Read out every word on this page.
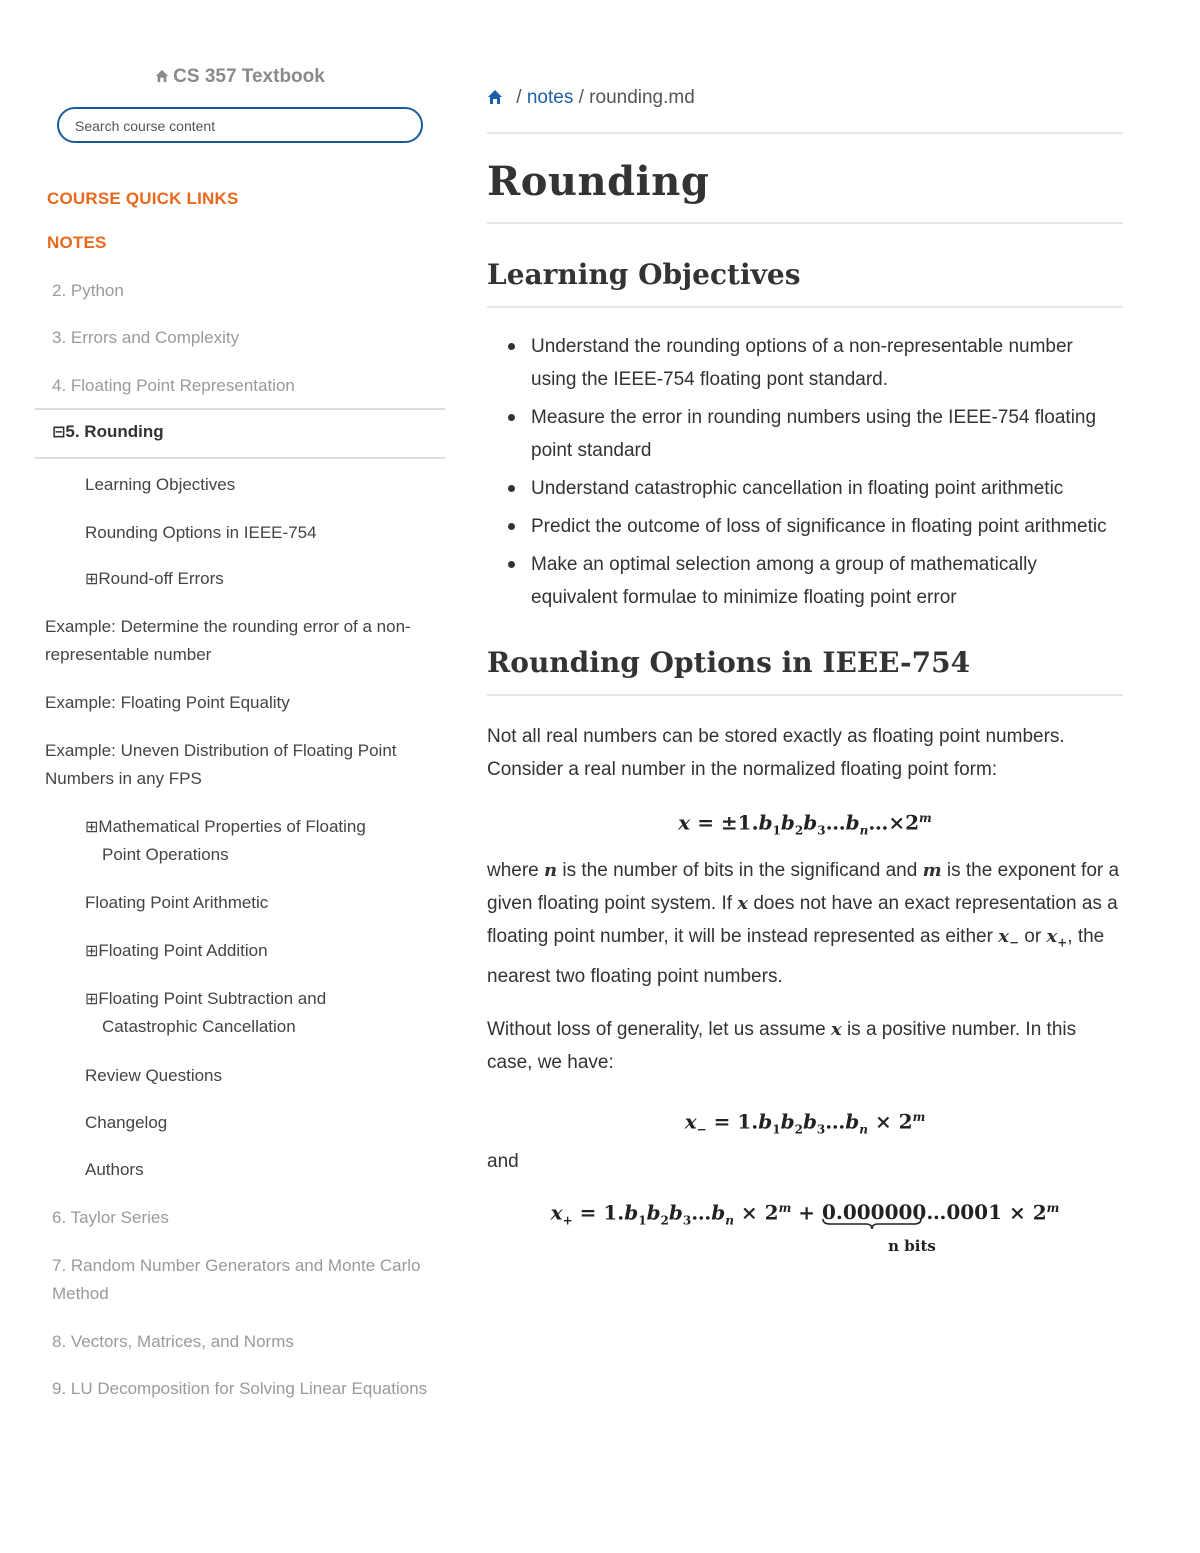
CS 357 Textbook
Search course content
COURSE QUICK LINKS
NOTES
2. Python
3. Errors and Complexity
4. Floating Point Representation
⊟5. Rounding
Learning Objectives
Rounding Options in IEEE-754
⊞Round-off Errors
Example: Determine the rounding error of a non-representable number
Example: Floating Point Equality
Example: Uneven Distribution of Floating Point Numbers in any FPS
⊞Mathematical Properties of Floating
Point Operations
Floating Point Arithmetic
⊞Floating Point Addition
⊞Floating Point Subtraction and
Catastrophic Cancellation
Review Questions
Changelog
Authors
6. Taylor Series
7. Random Number Generators and Monte Carlo Method
8. Vectors, Matrices, and Norms
9. LU Decomposition for Solving Linear Equations
/ notes / rounding.md
Rounding
Learning Objectives
Understand the rounding options of a non-representable number using the IEEE-754 floating pont standard.
Measure the error in rounding numbers using the IEEE-754 floating point standard
Understand catastrophic cancellation in floating point arithmetic
Predict the outcome of loss of significance in floating point arithmetic
Make an optimal selection among a group of mathematically equivalent formulae to minimize floating point error
Rounding Options in IEEE-754

Not all real numbers can be stored exactly as floating point numbers. Consider a real number in the normalized floating point form:

$x = \pm 1.b_1b_2b_3\dots b_n\dots\times 2^m$

where n is the number of bits in the significand and m is the exponent for a given floating point system. If x does not have an exact representation as a floating point number, it will be instead represented as either $x_-$ or $x_+$, the nearest two floating point numbers.

Without loss of generality, let us assume x is a positive number. In this case, we have:

$x_-$ = $1.b_1b_2b_3\dots b_n \times 2^m$

and

$x_+$ = $1.b_1b_2b_3\dots b_n \times 2^m$ + 0.000000…0001
n bits
× $2^m$
